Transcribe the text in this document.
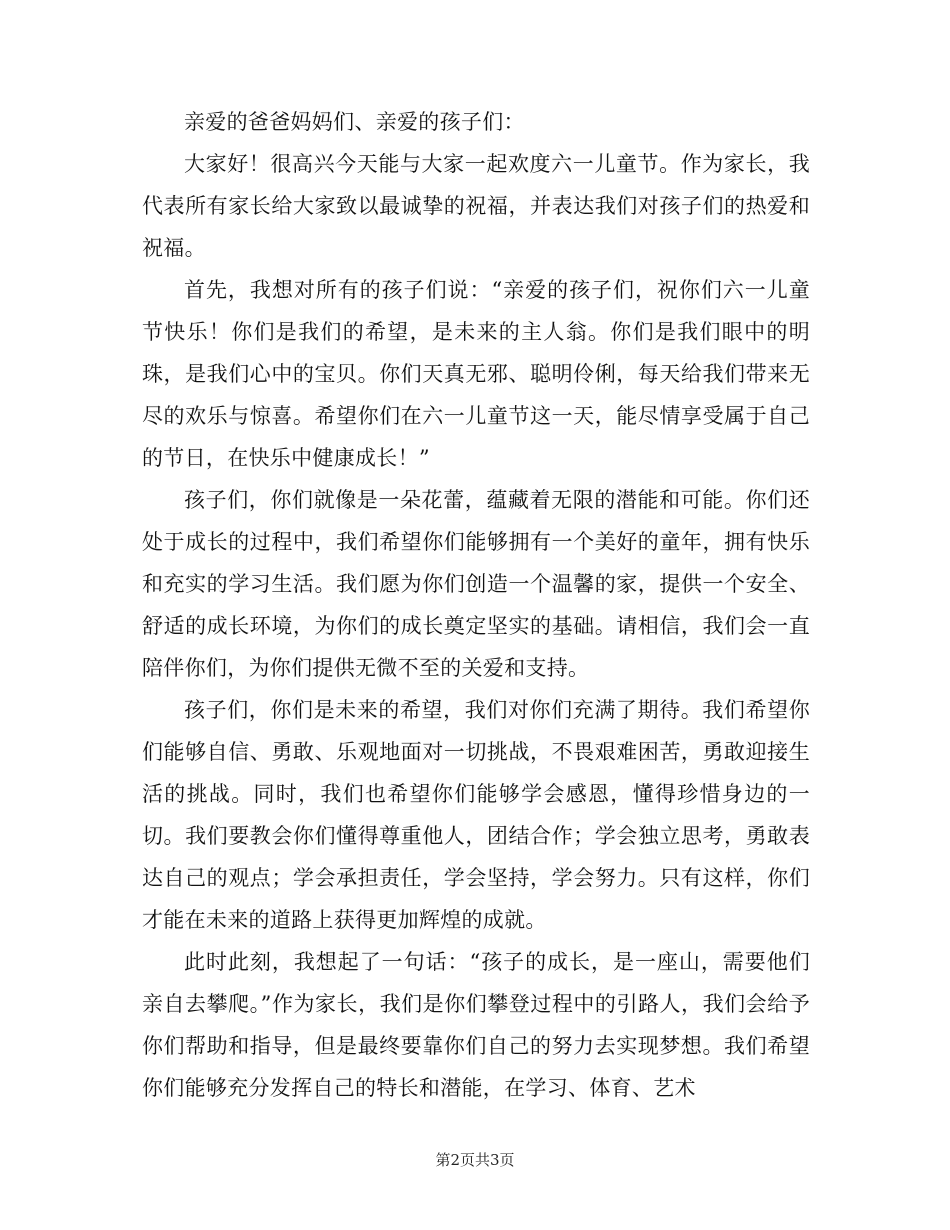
亲爱的爸爸妈妈们、亲爱的孩子们：

大家好！很高兴今天能与大家一起欢度六一儿童节。作为家长，我代表所有家长给大家致以最诚挚的祝福，并表达我们对孩子们的热爱和祝福。

首先，我想对所有的孩子们说：“亲爱的孩子们，祝你们六一儿童节快乐！你们是我们的希望，是未来的主人翁。你们是我们眼中的明珠，是我们心中的宝贝。你们天真无邪、聪明伶俐，每天给我们带来无尽的欢乐与惊喜。希望你们在六一儿童节这一天，能尽情享受属于自己的节日，在快乐中健康成长！”

孩子们，你们就像是一朵花蕾，蕴藏着无限的潜能和可能。你们还处于成长的过程中，我们希望你们能够拥有一个美好的童年，拥有快乐和充实的学习生活。我们愿为你们创造一个温馨的家，提供一个安全、舒适的成长环境，为你们的成长奠定坚实的基础。请相信，我们会一直陪伴你们，为你们提供无微不至的关爱和支持。

孩子们，你们是未来的希望，我们对你们充满了期待。我们希望你们能够自信、勇敢、乐观地面对一切挑战，不畏艰难困苦，勇敢迎接生活的挑战。同时，我们也希望你们能够学会感恩，懂得珍惜身边的一切。我们要教会你们懂得尊重他人，团结合作；学会独立思考，勇敢表达自己的观点；学会承担责任，学会坚持，学会努力。只有这样，你们才能在未来的道路上获得更加辉煌的成就。

此时此刻，我想起了一句话：“孩子的成长，是一座山，需要他们亲自去攀爬。”作为家长，我们是你们攀登过程中的引路人，我们会给予你们帮助和指导，但是最终要靠你们自己的努力去实现梦想。我们希望你们能够充分发挥自己的特长和潜能，在学习、体育、艺术

第2页共3页
